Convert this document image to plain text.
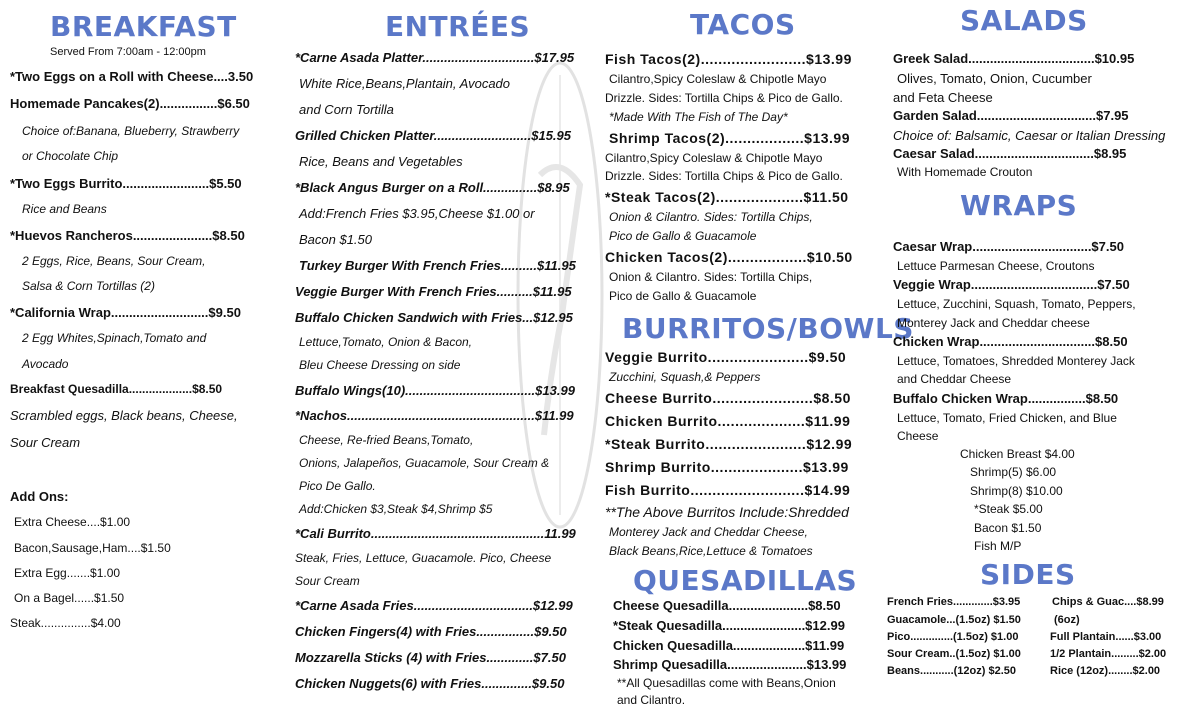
BREAKFAST
Served From 7:00am - 12:00pm
*Two Eggs on a Roll with Cheese....3.50
Homemade Pancakes(2)................$6.50
Choice of:Banana, Blueberry, Strawberry
or Chocolate Chip
*Two Eggs Burrito........................$5.50
Rice and Beans
*Huevos Rancheros......................$8.50
2 Eggs, Rice, Beans, Sour Cream,
Salsa & Corn Tortillas (2)
*California Wrap...........................$9.50
2 Egg Whites,Spinach,Tomato and
Avocado
Breakfast Quesadilla...................$8.50
Scrambled eggs, Black beans, Cheese,
Sour Cream
Add Ons:
Extra Cheese....$1.00
Bacon,Sausage,Ham....$1.50
Extra Egg.......$1.00
On a Bagel......$1.50
Steak...............$4.00
ENTRÉES
*Carne Asada Platter...............................$17.95
White Rice,Beans,Plantain, Avocado
and Corn Tortilla
Grilled Chicken Platter...........................$15.95
Rice, Beans and Vegetables
*Black Angus Burger on a Roll...............$8.95
Add:French Fries $3.95,Cheese $1.00 or
Bacon $1.50
Turkey Burger With French Fries..........$11.95
Veggie Burger With French Fries..........$11.95
Buffalo Chicken Sandwich with Fries...$12.95
Lettuce,Tomato, Onion & Bacon,
Bleu Cheese Dressing on side
Buffalo Wings(10)....................................$13.99
*Nachos....................................................$11.99
Cheese, Re-fried Beans,Tomato,
Onions, Jalapeños, Guacamole, Sour Cream &
Pico De Gallo.
Add:Chicken $3,Steak $4,Shrimp $5
*Cali Burrito................................................11.99
Steak, Fries, Lettuce, Guacamole. Pico, Cheese
Sour Cream
*Carne Asada Fries.................................$12.99
Chicken Fingers(4) with Fries................$9.50
Mozzarella Sticks (4) with Fries.............$7.50
Chicken Nuggets(6) with Fries..............$9.50
TACOS
Fish Tacos(2)........................$13.99
Cilantro,Spicy Coleslaw & Chipotle Mayo
Drizzle. Sides: Tortilla Chips & Pico de Gallo.
*Made With The Fish of The Day*
Shrimp Tacos(2)..................$13.99
Cilantro,Spicy Coleslaw & Chipotle Mayo
Drizzle. Sides: Tortilla Chips & Pico de Gallo.
*Steak Tacos(2)....................$11.50
Onion & Cilantro. Sides: Tortilla Chips,
Pico de Gallo & Guacamole
Chicken Tacos(2)..................$10.50
Onion & Cilantro. Sides: Tortilla Chips,
Pico de Gallo & Guacamole
BURRITOS/BOWLS
Veggie Burrito.......................$9.50
Zucchini, Squash,& Peppers
Cheese Burrito.......................$8.50
Chicken Burrito....................$11.99
*Steak Burrito.......................$12.99
Shrimp Burrito.....................$13.99
Fish Burrito..........................$14.99
**The Above Burritos Include:Shredded
Monterey Jack and Cheddar Cheese,
Black Beans,Rice,Lettuce & Tomatoes
QUESADILLAS
Cheese Quesadilla......................$8.50
*Steak Quesadilla.......................$12.99
Chicken Quesadilla....................$11.99
Shrimp Quesadilla......................$13.99
**All Quesadillas come with Beans,Onion
and Cilantro.
SALADS
Greek Salad...................................$10.95
Olives, Tomato, Onion, Cucumber
and Feta Cheese
Garden Salad.................................$7.95
Choice of: Balsamic, Caesar or Italian Dressing
Caesar Salad.................................$8.95
With Homemade Crouton
WRAPS
Caesar Wrap.................................$7.50
Lettuce Parmesan Cheese, Croutons
Veggie Wrap...................................$7.50
Lettuce, Zucchini, Squash, Tomato, Peppers,
Monterey Jack and Cheddar cheese
Chicken Wrap................................$8.50
Lettuce, Tomatoes, Shredded Monterey Jack
and Cheddar Cheese
Buffalo Chicken Wrap................$8.50
Lettuce, Tomato, Fried Chicken, and Blue
Cheese
Chicken Breast $4.00
Shrimp(5) $6.00
Shrimp(8) $10.00
*Steak $5.00
Bacon $1.50
Fish M/P
SIDES
French Fries.............$3.95
Guacamole...(1.5oz) $1.50
Pico..............(1.5oz) $1.00
Sour Cream..(1.5oz) $1.00
Beans...........(12oz) $2.50
Chips & Guac....$8.99
(6oz)
Full Plantain......$3.00
1/2 Plantain.........$2.00
Rice (12oz)........$2.00
